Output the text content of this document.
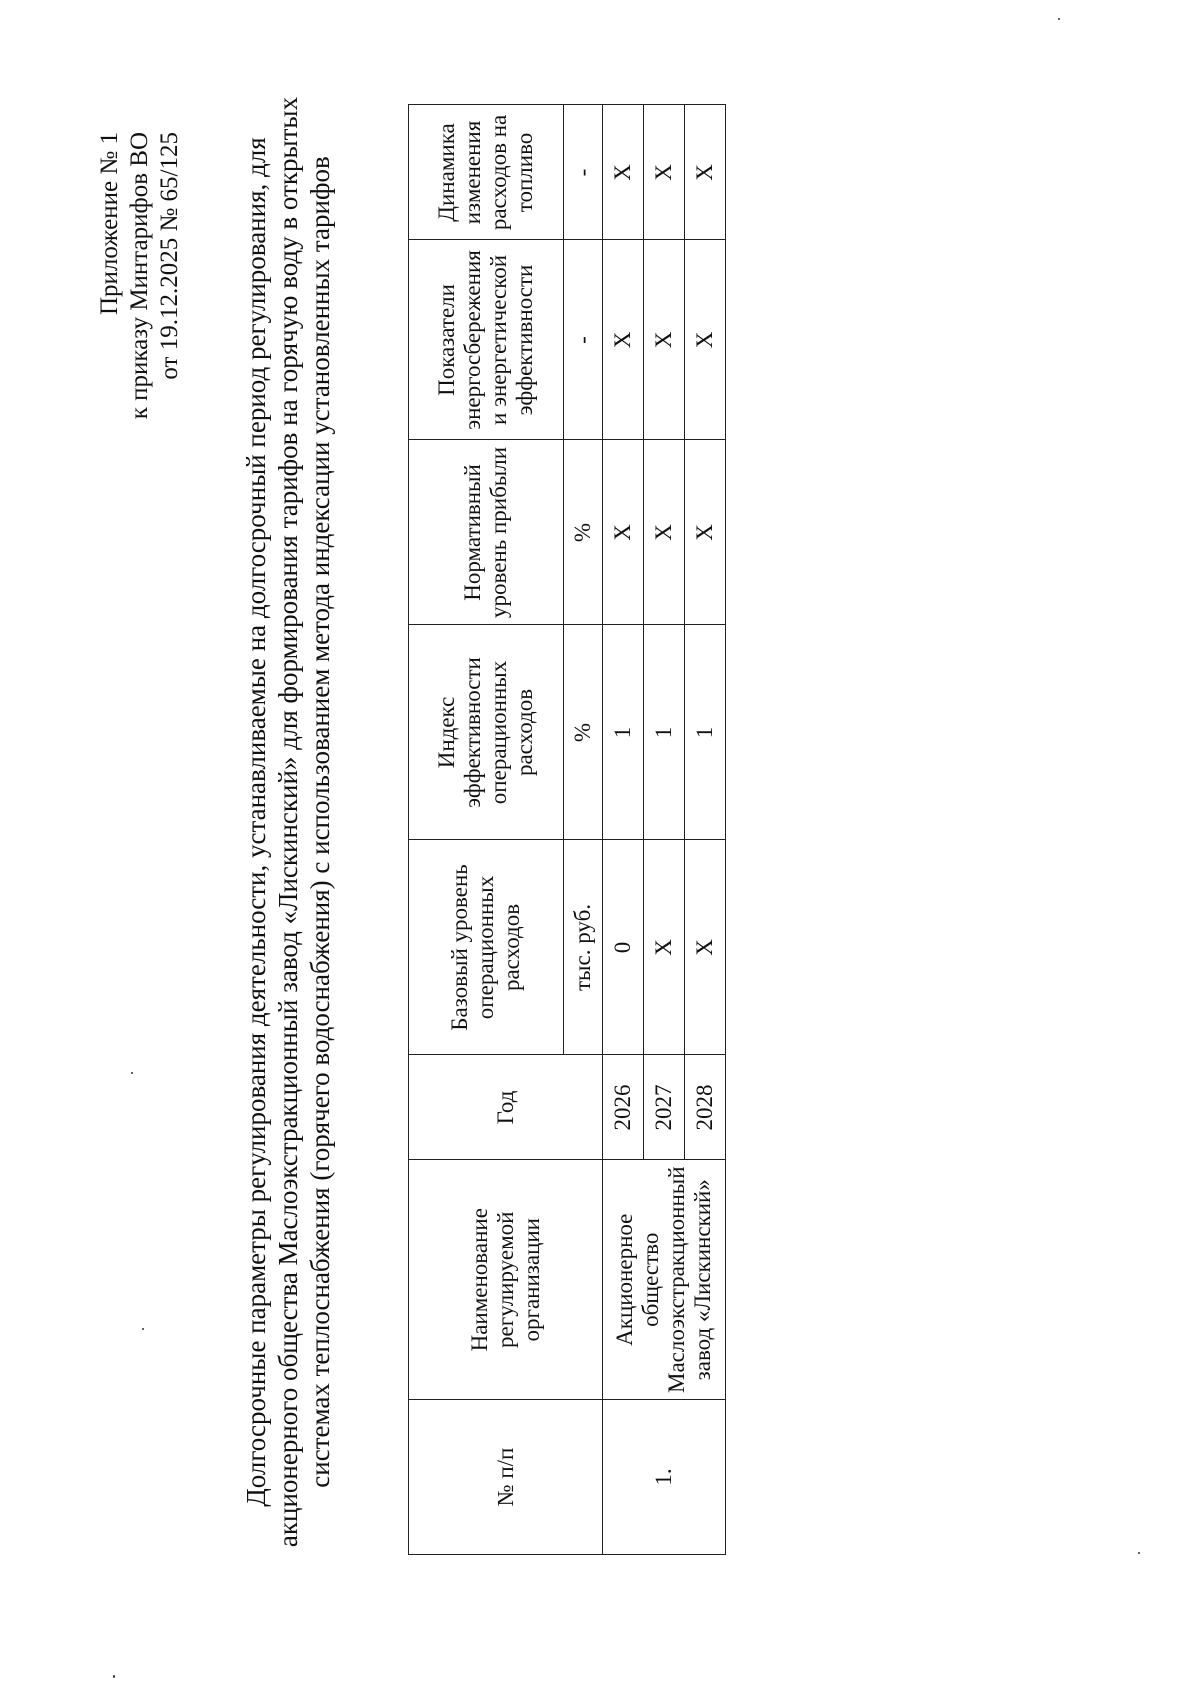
Приложение № 1 к приказу Минтарифов ВО от 19.12.2025 № 65/125 Долгосрочные параметры регулирования деятельности, устанавливаемые на долгосрочный период регулирования, для акционерного общества Маслоэкстракционный завод «Лискинский» для формирования тарифов на горячую воду в открытых системах теплоснабжения (горячего водоснабжения) с использованием метода индексации установленных тарифов	№ п/п	Наименование регулируемой организации	Год	Базовый уровень операционных расходов	Индекс эффективности операционных расходов	Нормативный уровень прибыли	Показатели энергосбережения и энергетической эффективности	Динамика изменения расходов на топливо
			тыс. руб.	%	%	-	-
1.	Акционерное общество Маслоэкстракционный завод «Лискинский»	2026	0	1	X	X	X
		2027	X	1	X	X	X
		2028	X	1	X	X	X
